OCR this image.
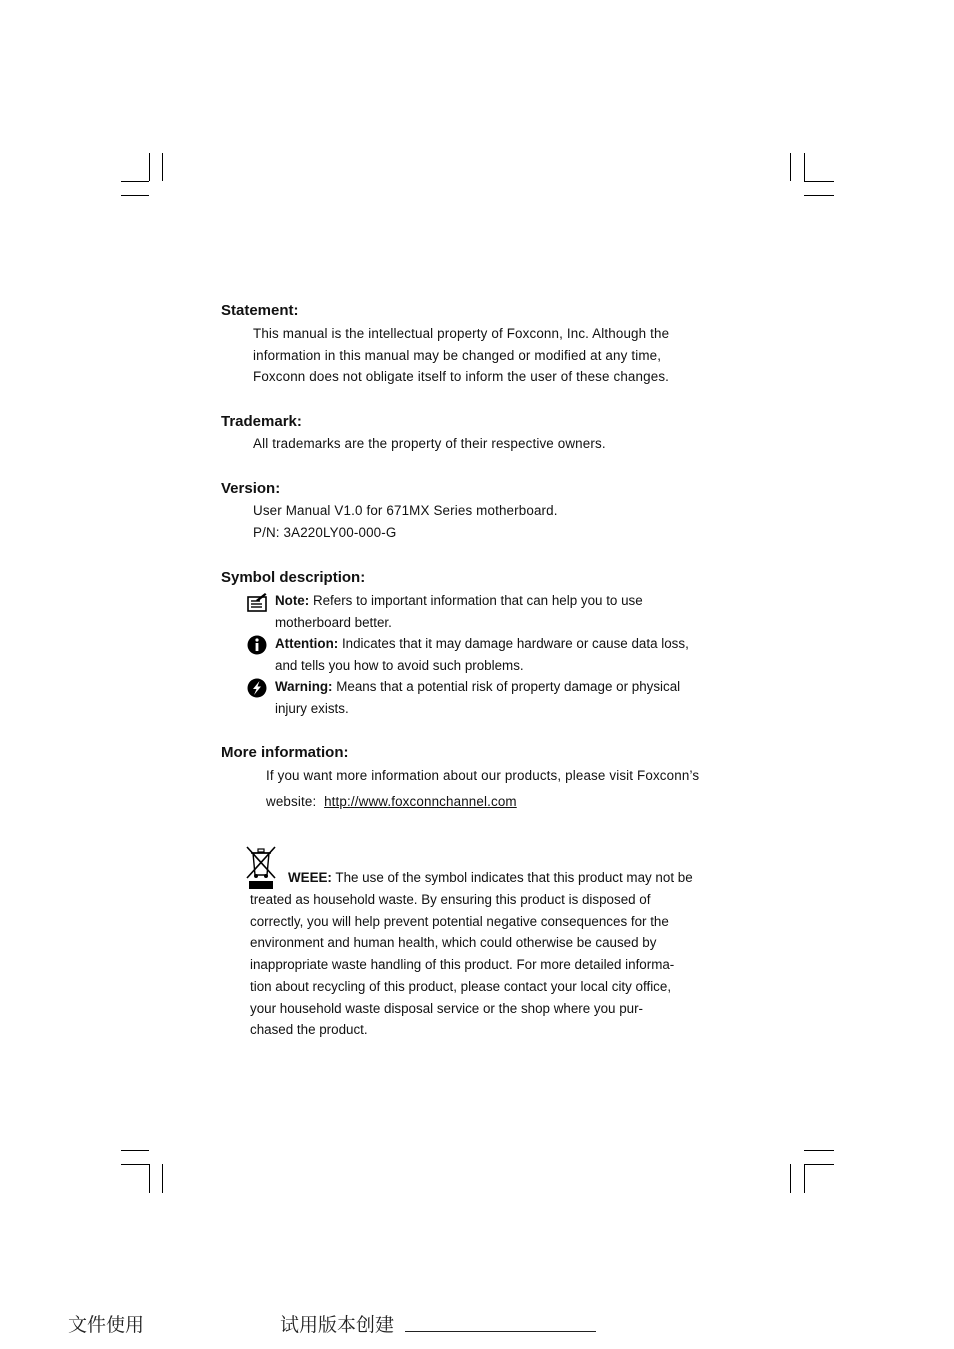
Statement:

This manual is the intellectual property of Foxconn, Inc. Although the

information in this manual may be changed or modified at any time,

Foxconn does not obligate itself to inform the user of these changes.

Trademark:

All trademarks are the property of their respective owners.

Version:

User Manual V1.0 for 671MX Series motherboard.

P/N: 3A220LY00-000-G

Symbol description:
Note: Refers to important information that can help you to use
motherboard better.
Attention: Indicates that it may damage hardware or cause data loss,
and tells you how to avoid such problems.
Warning: Means that a potential risk of property damage or physical
injury exists.
More information:

If you want more information about our products, please visit Foxconn’s

website:  http://www.foxconnchannel.com

WEEE: The use of the symbol indicates that this product may not be
treated as household waste. By ensuring this product is disposed of
correctly, you will help prevent potential negative consequences for the
environment and human health, which could otherwise be caused by
inappropriate waste handling of this product. For more detailed informa-
tion about recycling of this product, please contact your local city office,
your household waste disposal service or the shop where you pur-
chased the product.
文件使用	试用版本创建
